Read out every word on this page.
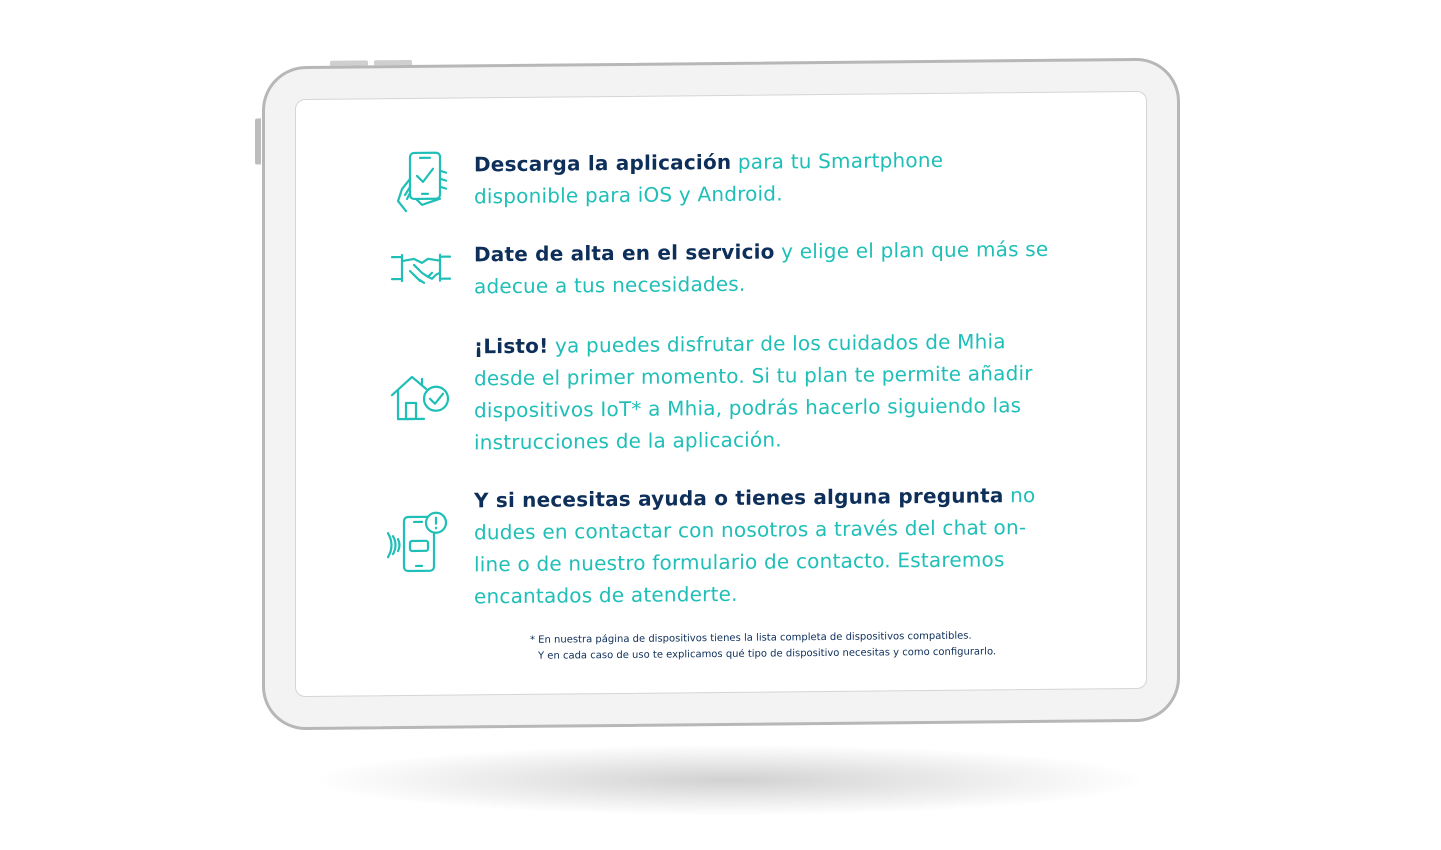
Descarga la aplicación para tu Smartphone disponible para iOS y Android.
Date de alta en el servicio y elige el plan que más se adecue a tus necesidades.
¡Listo! ya puedes disfrutar de los cuidados de Mhia desde el primer momento. Si tu plan te permite añadir dispositivos IoT* a Mhia, podrás hacerlo siguiendo las instrucciones de la aplicación.
Y si necesitas ayuda o tienes alguna pregunta no dudes en contactar con nosotros a través del chat on-line o de nuestro formulario de contacto. Estaremos encantados de atenderte.
* En nuestra página de dispositivos tienes la lista completa de dispositivos compatibles.
Y en cada caso de uso te explicamos qué tipo de dispositivo necesitas y como configurarlo.
